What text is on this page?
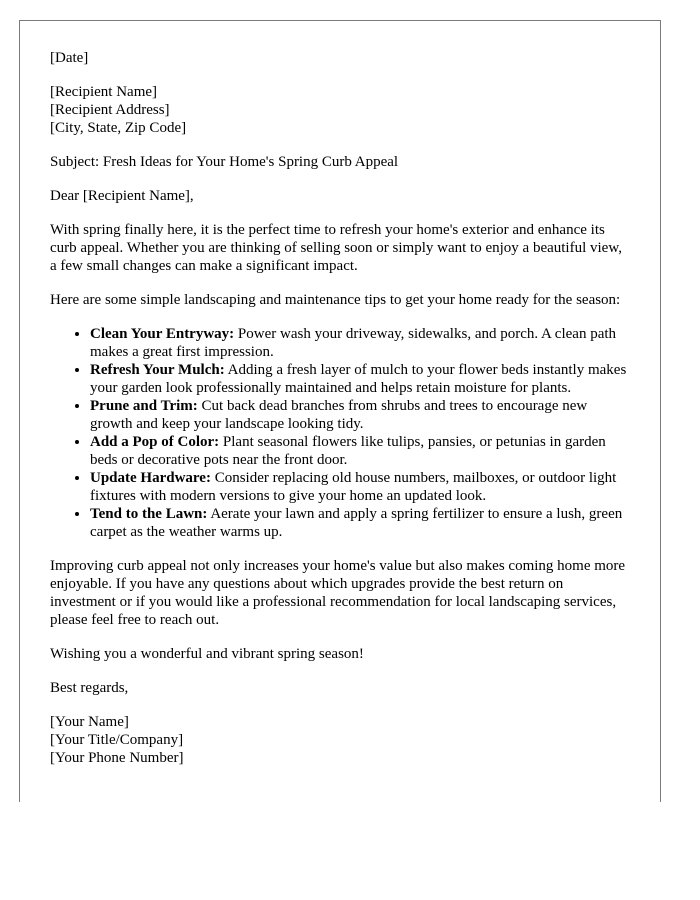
[Date]

[Recipient Name]
[Recipient Address]
[City, State, Zip Code]

Subject: Fresh Ideas for Your Home's Spring Curb Appeal

Dear [Recipient Name],

With spring finally here, it is the perfect time to refresh your home's exterior and enhance its curb appeal. Whether you are thinking of selling soon or simply want to enjoy a beautiful view, a few small changes can make a significant impact.

Here are some simple landscaping and maintenance tips to get your home ready for the season:

• Clean Your Entryway: Power wash your driveway, sidewalks, and porch. A clean path makes a great first impression.
• Refresh Your Mulch: Adding a fresh layer of mulch to your flower beds instantly makes your garden look professionally maintained and helps retain moisture for plants.
• Prune and Trim: Cut back dead branches from shrubs and trees to encourage new growth and keep your landscape looking tidy.
• Add a Pop of Color: Plant seasonal flowers like tulips, pansies, or petunias in garden beds or decorative pots near the front door.
• Update Hardware: Consider replacing old house numbers, mailboxes, or outdoor light fixtures with modern versions to give your home an updated look.
• Tend to the Lawn: Aerate your lawn and apply a spring fertilizer to ensure a lush, green carpet as the weather warms up.

Improving curb appeal not only increases your home's value but also makes coming home more enjoyable. If you have any questions about which upgrades provide the best return on investment or if you would like a professional recommendation for local landscaping services, please feel free to reach out.

Wishing you a wonderful and vibrant spring season!

Best regards,

[Your Name]
[Your Title/Company]
[Your Phone Number]
